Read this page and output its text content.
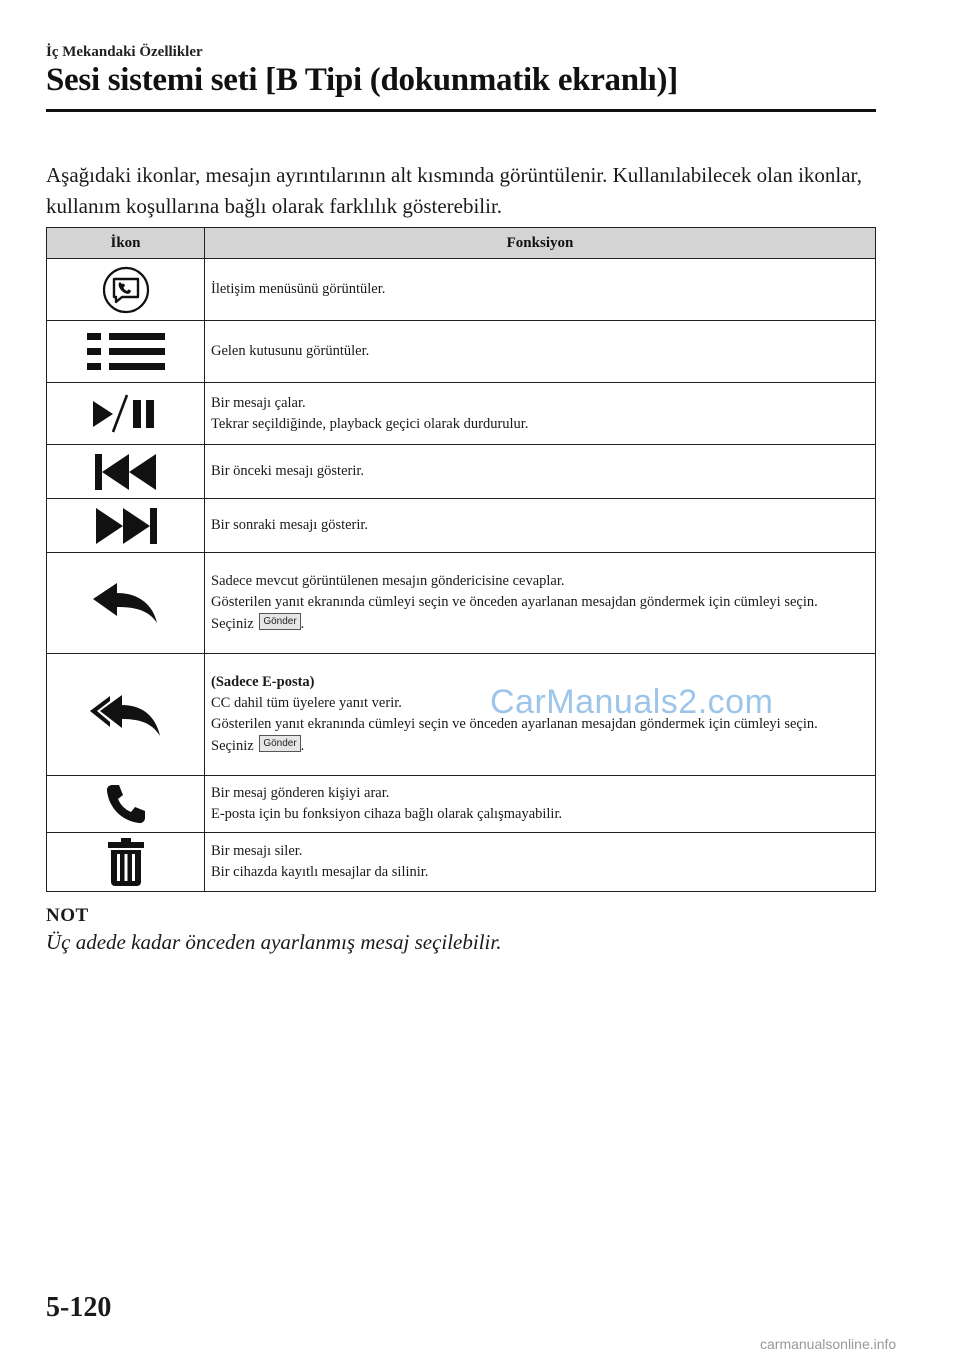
İç Mekandaki Özellikler
Sesi sistemi seti [B Tipi (dokunmatik ekranlı)]
Aşağıdaki ikonlar, mesajın ayrıntılarının alt kısmında görüntülenir. Kullanılabilecek olan ikonlar, kullanım koşullarına bağlı olarak farklılık gösterebilir.
İkon	Fonksiyon

İletişim menüsünü görüntüler.

Gelen kutusunu görüntüler.

Bir mesajı çalar.
Tekrar seçildiğinde, playback geçici olarak durdurulur.

Bir önceki mesajı gösterir.

Bir sonraki mesajı gösterir.

Sadece mevcut görüntülenen mesajın göndericisine cevaplar.
Gösterilen yanıt ekranında cümleyi seçin ve önceden ayarlanan mesajdan göndermek için cümleyi seçin.
Seçiniz Gönder .

(Sadece E-posta)
CC dahil tüm üyelere yanıt verir.
Gösterilen yanıt ekranında cümleyi seçin ve önceden ayarlanan mesajdan göndermek için cümleyi seçin.
Seçiniz Gönder .

Bir mesaj gönderen kişiyi arar.
E-posta için bu fonksiyon cihaza bağlı olarak çalışmayabilir.

Bir mesajı siler.
Bir cihazda kayıtlı mesajlar da silinir.
CarManuals2.com
NOT
Üç adede kadar önceden ayarlanmış mesaj seçilebilir.
5-120
carmanualsonline.info
